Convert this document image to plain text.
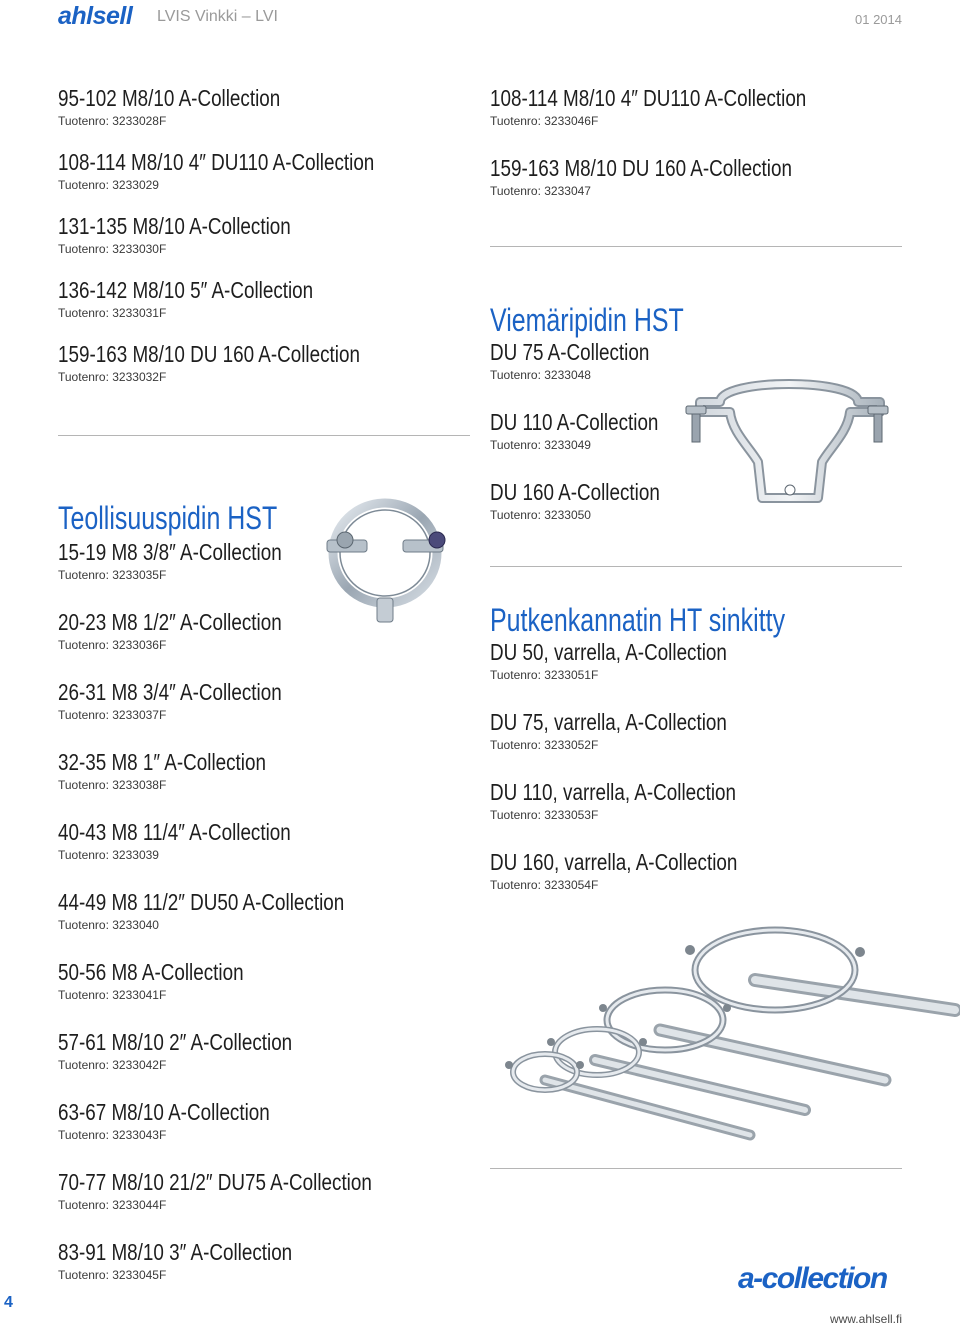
ahlsell LVIS Vinkki – LVI	01 2014
95-102 M8/10 A-Collection
Tuotenro: 3233028F
108-114 M8/10 4″ DU110 A-Collection
Tuotenro: 3233029
131-135 M8/10 A-Collection
Tuotenro: 3233030F
136-142 M8/10 5″ A-Collection
Tuotenro: 3233031F
159-163 M8/10 DU 160 A-Collection
Tuotenro: 3233032F
Teollisuuspidin HST
15-19 M8 3/8″ A-Collection
Tuotenro: 3233035F
20-23 M8 1/2″ A-Collection
Tuotenro: 3233036F
26-31 M8 3/4″ A-Collection
Tuotenro: 3233037F
32-35 M8 1″ A-Collection
Tuotenro: 3233038F
40-43 M8 11/4″ A-Collection
Tuotenro: 3233039
44-49 M8 11/2″ DU50 A-Collection
Tuotenro: 3233040
50-56 M8 A-Collection
Tuotenro: 3233041F
57-61 M8/10 2″ A-Collection
Tuotenro: 3233042F
63-67 M8/10 A-Collection
Tuotenro: 3233043F
70-77 M8/10 21/2″ DU75 A-Collection
Tuotenro: 3233044F
83-91 M8/10 3″ A-Collection
Tuotenro: 3233045F
108-114 M8/10 4″ DU110 A-Collection
Tuotenro: 3233046F
159-163 M8/10 DU 160 A-Collection
Tuotenro: 3233047
Viemäripidin HST
DU 75 A-Collection
Tuotenro: 3233048
DU 110 A-Collection
Tuotenro: 3233049
DU 160 A-Collection
Tuotenro: 3233050
Putkenkannatin HT sinkitty
DU 50, varrella, A-Collection
Tuotenro: 3233051F
DU 75, varrella, A-Collection
Tuotenro: 3233052F
DU 110, varrella, A-Collection
Tuotenro: 3233053F
DU 160, varrella, A-Collection
Tuotenro: 3233054F
a-collection
www.ahlsell.fi
4
